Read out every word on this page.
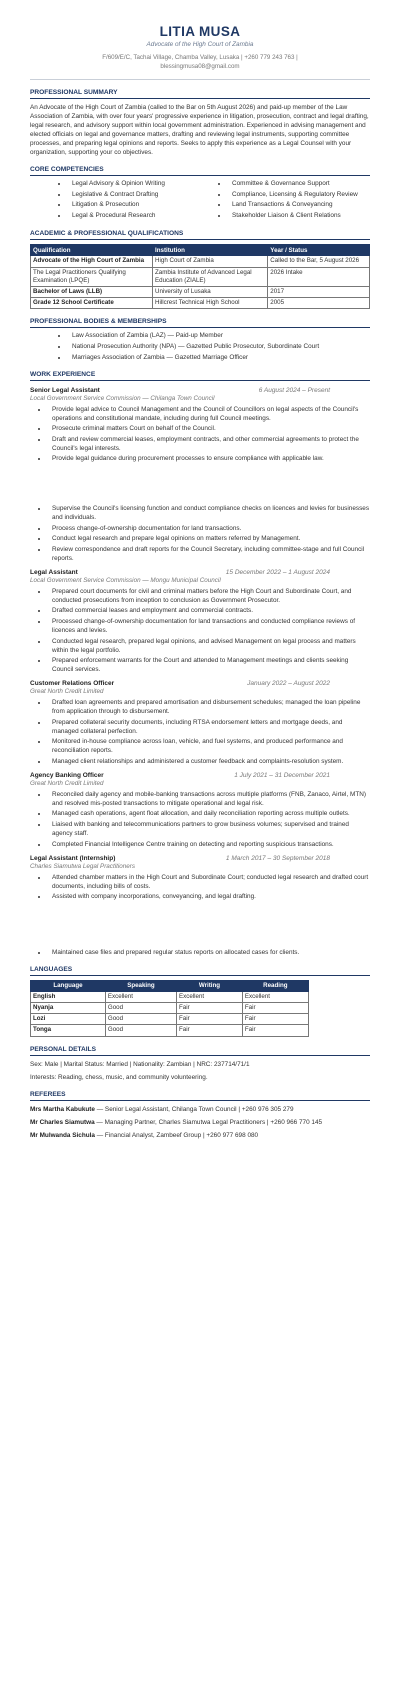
LITIA MUSA
Advocate of the High Court of Zambia
F/609/E/C, Tachai Village, Chamba Valley, Lusaka | +260 779 243 763 |
blessingmusa08@gmail.com
PROFESSIONAL SUMMARY

An Advocate of the High Court of Zambia (called to the Bar on 5th August 2026) and paid-up member of the Law Association of Zambia, with over four years' progressive experience in litigation, prosecution, contract and legal drafting, legal research, and advisory support within local government administration. Experienced in advising management and elected officials on legal and governance matters, drafting and reviewing legal instruments, supporting committee processes, and preparing legal opinions and reports. Seeks to apply this experience as a Legal Counsel with your organization, supporting your co objectives.

CORE COMPETENCIES
• Legal Advisory & Opinion Writing
• Legislative & Contract Drafting
• Litigation & Prosecution
• Legal & Procedural Research
• Committee & Governance Support
• Compliance, Licensing & Regulatory Review
• Land Transactions & Conveyancing
• Stakeholder Liaison & Client Relations
ACADEMIC & PROFESSIONAL QUALIFICATIONS
Qualification	Institution	Year / Status
Advocate of the High Court of Zambia	High Court of Zambia	Called to the Bar, 5 August 2026
The Legal Practitioners Qualifying Examination (LPQE)	Zambia Institute of Advanced Legal Education (ZIALE)	2026 Intake
Bachelor of Laws (LLB)	University of Lusaka	2017
Grade 12 School Certificate	Hillcrest Technical High School	2005
PROFESSIONAL BODIES & MEMBERSHIPS
• Law Association of Zambia (LAZ) — Paid-up Member
• National Prosecution Authority (NPA) — Gazetted Public Prosecutor, Subordinate Court
• Marriages Association of Zambia — Gazetted Marriage Officer
WORK EXPERIENCE
Senior Legal Assistant	6 August 2024 – Present
Local Government Service Commission — Chilanga Town Council
• Provide legal advice to Council Management and the Council of Councillors on legal aspects of the Council's operations and constitutional mandate, including during full Council meetings.
• Prosecute criminal matters Court on behalf of the Council.
• Draft and review commercial leases, employment contracts, and other commercial agreements to protect the Council's legal interests.
• Provide legal guidance during procurement processes to ensure compliance with applicable law.
• Supervise the Council's licensing function and conduct compliance checks on licences and levies for businesses and individuals.
• Process change-of-ownership documentation for land transactions.
• Conduct legal research and prepare legal opinions on matters referred by Management.
• Review correspondence and draft reports for the Council Secretary, including committee-stage and full Council reports.
Legal Assistant	15 December 2022 – 1 August 2024
Local Government Service Commission — Mongu Municipal Council
• Prepared court documents for civil and criminal matters before the High Court and Subordinate Court, and conducted prosecutions from inception to conclusion as Government Prosecutor.
• Drafted commercial leases and employment and commercial contracts.
• Processed change-of-ownership documentation for land transactions and conducted compliance reviews of licences and levies.
• Conducted legal research, prepared legal opinions, and advised Management on legal process and matters within the legal portfolio.
• Prepared enforcement warrants for the Court and attended to Management meetings and clients seeking Council services.
Customer Relations Officer	January 2022 – August 2022
Great North Credit Limited
• Drafted loan agreements and prepared amortisation and disbursement schedules; managed the loan pipeline from application through to disbursement.
• Prepared collateral security documents, including RTSA endorsement letters and mortgage deeds, and managed collateral perfection.
• Monitored in-house compliance across loan, vehicle, and fuel systems, and produced performance and reconciliation reports.
• Managed client relationships and administered a customer feedback and complaints-resolution system.
Agency Banking Officer	1 July 2021 – 31 December 2021
Great North Credit Limited
• Reconciled daily agency and mobile-banking transactions across multiple platforms (FNB, Zanaco, Airtel, MTN) and resolved mis-posted transactions to mitigate operational and legal risk.
• Managed cash operations, agent float allocation, and daily reconciliation reporting across multiple outlets.
• Liaised with banking and telecommunications partners to grow business volumes; supervised and trained agency staff.
• Completed Financial Intelligence Centre training on detecting and reporting suspicious transactions.
Legal Assistant (Internship)	1 March 2017 – 30 September 2018
Charles Siamutwa Legal Practitioners
• Attended chamber matters in the High Court and Subordinate Court; conducted legal research and drafted court documents, including bills of costs.
• Assisted with company incorporations, conveyancing, and legal drafting.
• Maintained case files and prepared regular status reports on allocated cases for clients.
LANGUAGES
Language	Speaking	Writing	Reading
English	Excellent	Excellent	Excellent
Nyanja	Good	Fair	Fair
Lozi	Good	Fair	Fair
Tonga	Good	Fair	Fair
PERSONAL DETAILS
Sex: Male | Marital Status: Married | Nationality: Zambian | NRC: 237714/71/1
Interests: Reading, chess, music, and community volunteering.
REFEREES
Mrs Martha Kabukute — Senior Legal Assistant, Chilanga Town Council | +260 976 305 279
Mr Charles Siamutwa — Managing Partner, Charles Siamutwa Legal Practitioners | +260 966 770 145
Mr Mulwanda Sichula — Financial Analyst, Zambeef Group | +260 977 698 080
